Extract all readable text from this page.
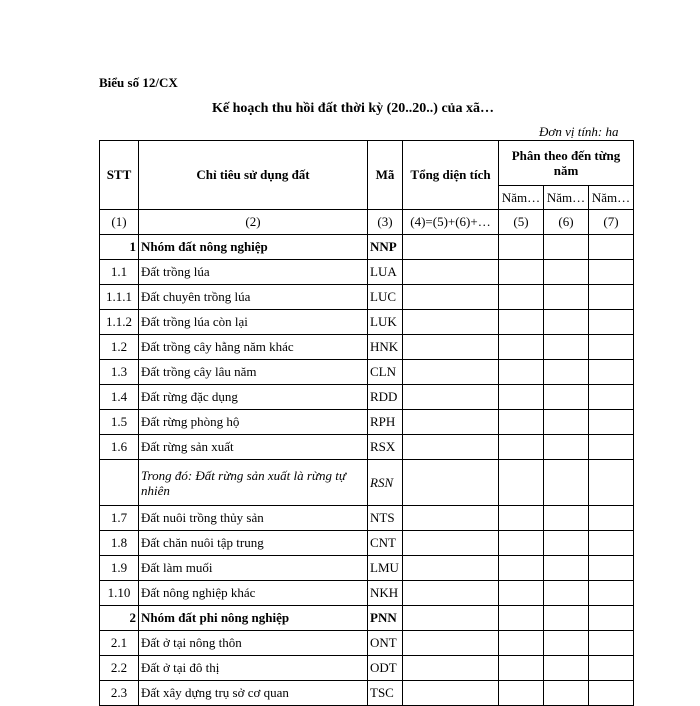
Biểu số 12/CX
Kế hoạch thu hồi đất thời kỳ (20..20..) của xã…
Đơn vị tính: ha
STT	Chỉ tiêu sử dụng đất	Mã	Tổng diện tích	Phân theo đến từng năm		
				Năm…	Năm…	Năm…
(1)	(2)	(3)	(4)=(5)+(6)+…	(5)	(6)	(7)
1	Nhóm đất nông nghiệp	NNP				
1.1	Đất trồng lúa	LUA				
1.1.1	Đất chuyên trồng lúa	LUC				
1.1.2	Đất trồng lúa còn lại	LUK				
1.2	Đất trồng cây hằng năm khác	HNK				
1.3	Đất trồng cây lâu năm	CLN				
1.4	Đất rừng đặc dụng	RDD				
1.5	Đất rừng phòng hộ	RPH				
1.6	Đất rừng sản xuất	RSX				
	Trong đó: Đất rừng sản xuất là rừng tự nhiên	RSN				
1.7	Đất nuôi trồng thủy sản	NTS				
1.8	Đất chăn nuôi tập trung	CNT				
1.9	Đất làm muối	LMU				
1.10	Đất nông nghiệp khác	NKH				
2	Nhóm đất phi nông nghiệp	PNN				
2.1	Đất ở tại nông thôn	ONT				
2.2	Đất ở tại đô thị	ODT				
2.3	Đất xây dựng trụ sở cơ quan	TSC				
